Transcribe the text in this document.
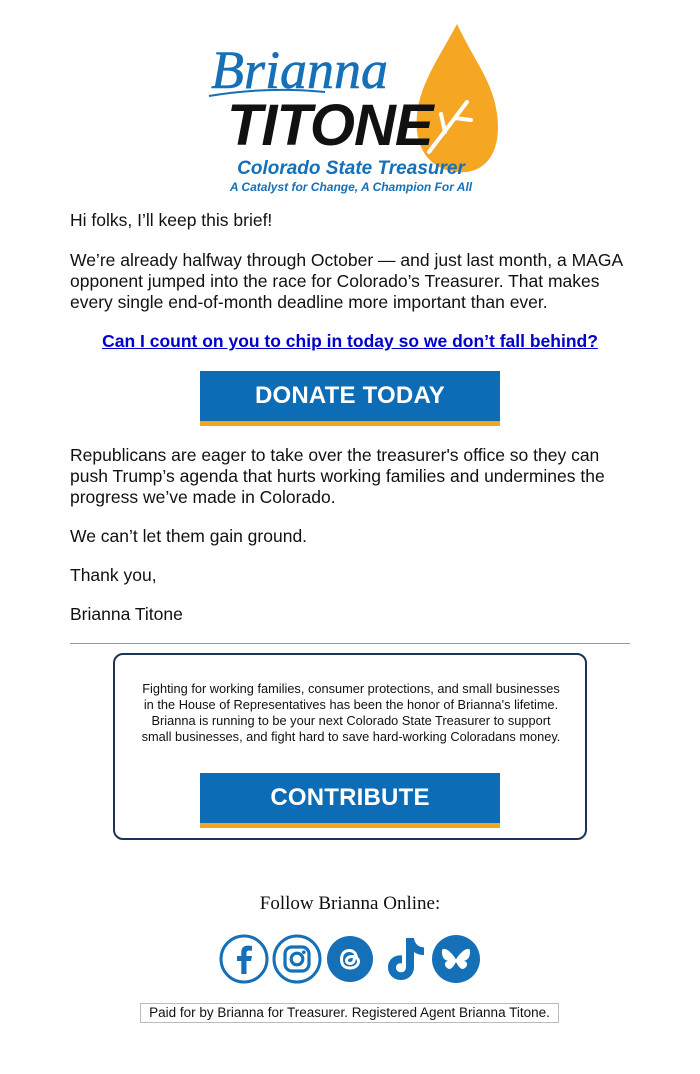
Brianna
TITONE
Colorado State Treasurer
A Catalyst for Change, A Champion For All

Hi folks, I’ll keep this brief!

We’re already halfway through October — and just last month, a MAGA opponent jumped into the race for Colorado’s Treasurer. That makes every single end-of-month deadline more important than ever.

Can I count on you to chip in today so we don’t fall behind?

DONATE TODAY

Republicans are eager to take over the treasurer's office so they can push Trump’s agenda that hurts working families and undermines the progress we’ve made in Colorado.

We can’t let them gain ground.

Thank you,

Brianna Titone

Fighting for working families, consumer protections, and small businesses in the House of Representatives has been the honor of Brianna's lifetime. Brianna is running to be your next Colorado State Treasurer to support small businesses, and fight hard to save hard-working Coloradans money.
CONTRIBUTE
Follow Brianna Online:
Paid for by Brianna for Treasurer. Registered Agent Brianna Titone.
